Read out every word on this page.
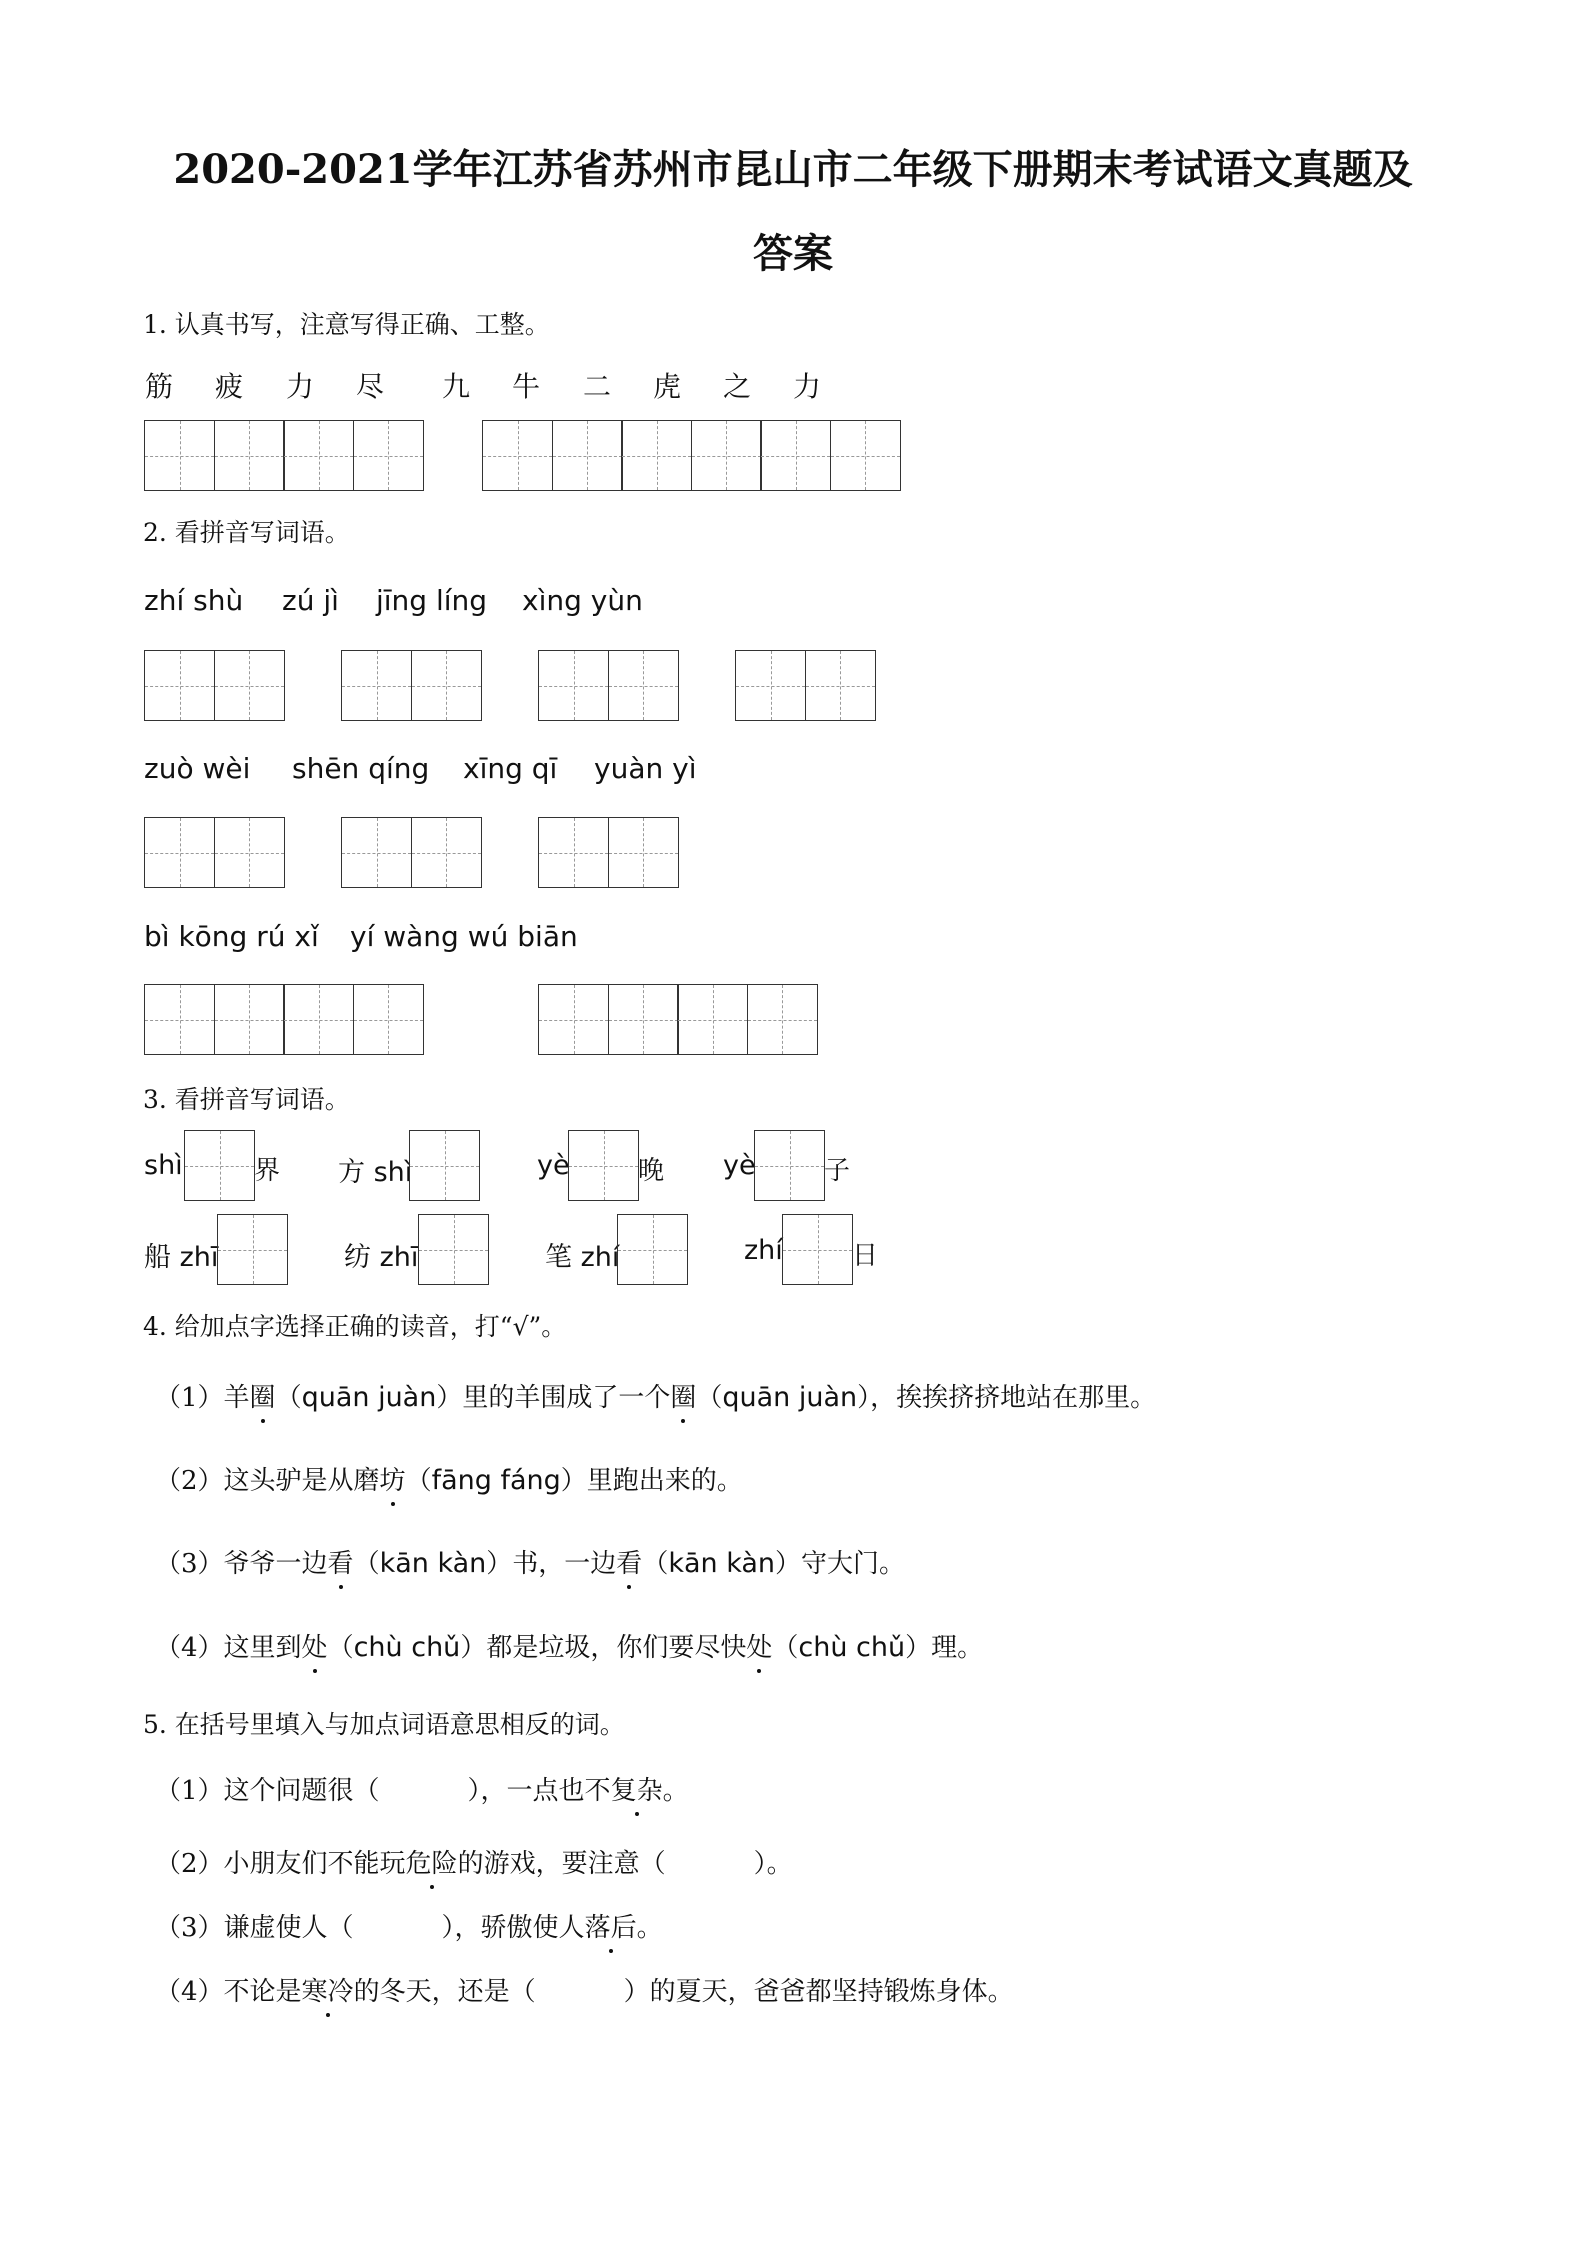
2020-2021学年江苏省苏州市昆山市二年级下册期末考试语文真题及
答案
1. 认真书写，注意写得正确、工整。
筋 疲 力 尽 九 牛 二 虎 之 力
2. 看拼音写词语。
zhí shù zú jì jīng líng xìng yùn
zuò wèi shēn qíng xīng qī yuàn yì
bì kōng rú xǐ yí wàng wú biān
3. 看拼音写词语。
shì	界 方 shì	yè	晚 yè	子
船 zhī	纺 zhī	笔 zhí	zhí	日
4. 给加点字选择正确的读音，打“√”。
（1）羊圈（quān juàn）里的羊围成了一个圈（quān juàn），挨挨挤挤地站在那里。
（2）这头驴是从磨坊（fāng fáng）里跑出来的。
（3）爷爷一边看（kān kàn）书，一边看（kān kàn）守大门。
（4）这里到处（chù chǔ）都是垃圾，你们要尽快处（chù chǔ）理。
5. 在括号里填入与加点词语意思相反的词。
（1）这个问题很（	），一点也不复杂。
（2）小朋友们不能玩危险的游戏，要注意（	）。
（3）谦虚使人（	），骄傲使人落后。
（4）不论是寒冷的冬天，还是（	）的夏天，爸爸都坚持锻炼身体。
